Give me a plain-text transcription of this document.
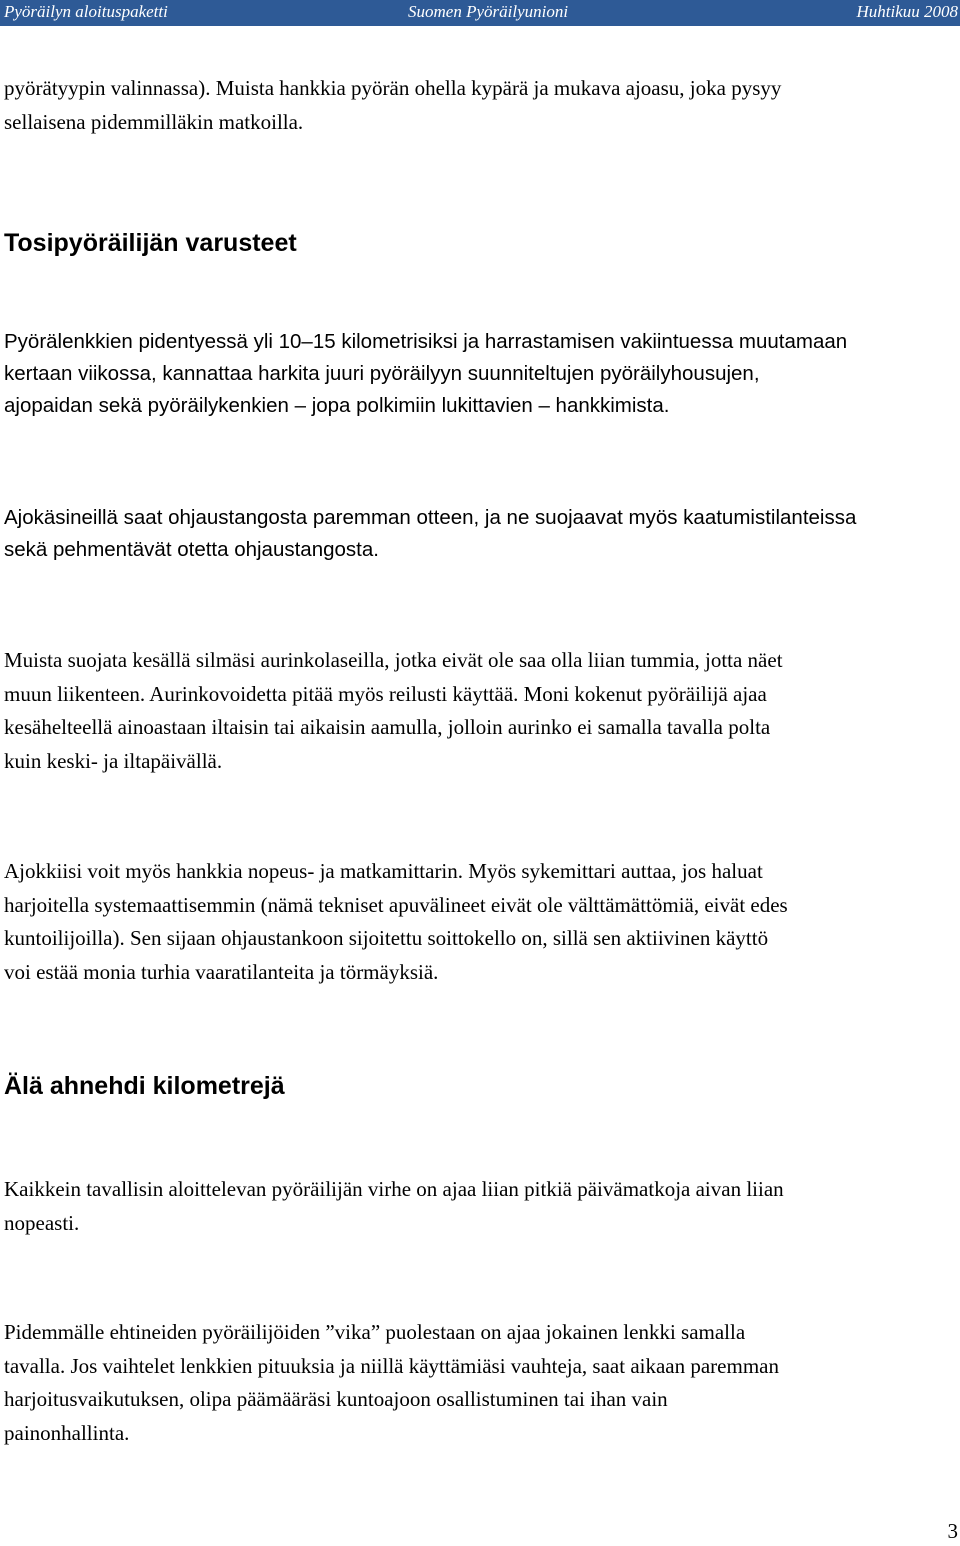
Pyöräilyn aloituspaketti	Suomen Pyöräilyunioni	Huhtikuu 2008

pyörätyypin valinnassa). Muista hankkia pyörän ohella kypärä ja mukava ajoasu, joka pysyy
sellaisena pidemmilläkin matkoilla.

Tosipyöräilijän varusteet

Pyörälenkkien pidentyessä yli 10–15 kilometrisiksi ja harrastamisen vakiintuessa muutamaan
kertaan viikossa, kannattaa harkita juuri pyöräilyyn suunniteltujen pyöräilyhousujen,
ajopaidan sekä pyöräilykenkien – jopa polkimiin lukittavien – hankkimista.

Ajokäsineillä saat ohjaustangosta paremman otteen, ja ne suojaavat myös kaatumistilanteissa
sekä pehmentävät otetta ohjaustangosta.

Muista suojata kesällä silmäsi aurinkolaseilla, jotka eivät ole saa olla liian tummia, jotta näet
muun liikenteen. Aurinkovoidetta pitää myös reilusti käyttää. Moni kokenut pyöräilijä ajaa
kesähelteellä ainoastaan iltaisin tai aikaisin aamulla, jolloin aurinko ei samalla tavalla polta
kuin keski- ja iltapäivällä.

Ajokkiisi voit myös hankkia nopeus- ja matkamittarin. Myös sykemittari auttaa, jos haluat
harjoitella systemaattisemmin (nämä tekniset apuvälineet eivät ole välttämättömiä, eivät edes
kuntoilijoilla). Sen sijaan ohjaustankoon sijoitettu soittokello on, sillä sen aktiivinen käyttö
voi estää monia turhia vaaratilanteita ja törmäyksiä.

Älä ahnehdi kilometrejä

Kaikkein tavallisin aloittelevan pyöräilijän virhe on ajaa liian pitkiä päivämatkoja aivan liian
nopeasti.

Pidemmälle ehtineiden pyöräilijöiden ”vika” puolestaan on ajaa jokainen lenkki samalla
tavalla. Jos vaihtelet lenkkien pituuksia ja niillä käyttämiäsi vauhteja, saat aikaan paremman
harjoitusvaikutuksen, olipa päämääräsi kuntoajoon osallistuminen tai ihan vain
painonhallinta.

3
